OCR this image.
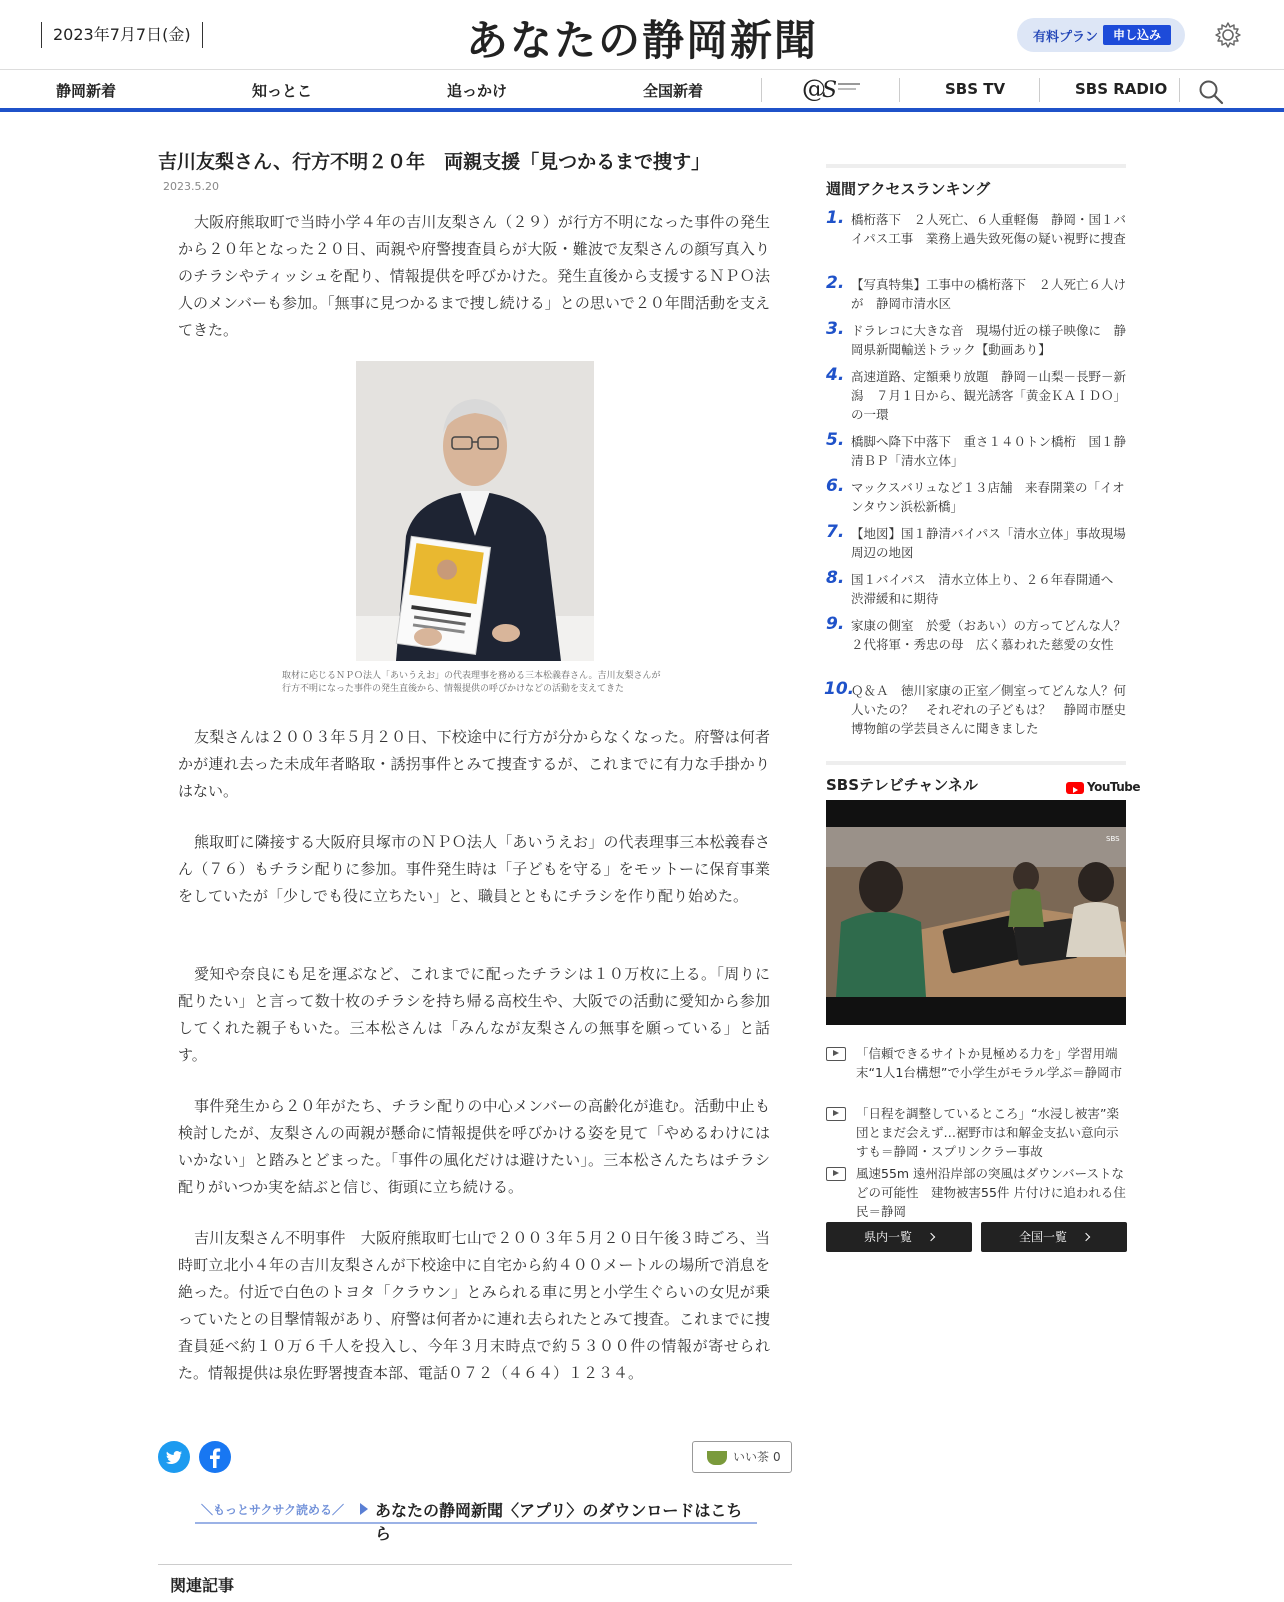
2023年7月7日(金)	あなたの静岡新聞	有料プラン	申し込み
静岡新着	知っとこ	追っかけ	全国新着	@
S	SBS TV	SBS RADIO
吉川友梨さん、行方不明２０年　両親支援「見つかるまで捜す」
2023.5.20

大阪府熊取町で当時小学４年の吉川友梨さん（２９）が行方不明になった事件の発生から２０年となった２０日、両親や府警捜査員らが大阪・難波で友梨さんの顔写真入りのチラシやティッシュを配り、情報提供を呼びかけた。発生直後から支援するＮＰＯ法人のメンバーも参加。「無事に見つかるまで捜し続ける」との思いで２０年間活動を支えてきた。

取材に応じるＮＰＯ法人「あいうえお」の代表理事を務める三本松義春さん。吉川友梨さんが行方不明になった事件の発生直後から、情報提供の呼びかけなどの活動を支えてきた

友梨さんは２００３年５月２０日、下校途中に行方が分からなくなった。府警は何者かが連れ去った未成年者略取・誘拐事件とみて捜査するが、これまでに有力な手掛かりはない。

熊取町に隣接する大阪府貝塚市のＮＰＯ法人「あいうえお」の代表理事三本松義春さん（７６）もチラシ配りに参加。事件発生時は「子どもを守る」をモットーに保育事業をしていたが「少しでも役に立ちたい」と、職員とともにチラシを作り配り始めた。

愛知や奈良にも足を運ぶなど、これまでに配ったチラシは１０万枚に上る。「周りに配りたい」と言って数十枚のチラシを持ち帰る高校生や、大阪での活動に愛知から参加してくれた親子もいた。三本松さんは「みんなが友梨さんの無事を願っている」と話す。

事件発生から２０年がたち、チラシ配りの中心メンバーの高齢化が進む。活動中止も検討したが、友梨さんの両親が懸命に情報提供を呼びかける姿を見て「やめるわけにはいかない」と踏みとどまった。「事件の風化だけは避けたい」。三本松さんたちはチラシ配りがいつか実を結ぶと信じ、街頭に立ち続ける。

吉川友梨さん不明事件　大阪府熊取町七山で２００３年５月２０日午後３時ごろ、当時町立北小４年の吉川友梨さんが下校途中に自宅から約４００メートルの場所で消息を絶った。付近で白色のトヨタ「クラウン」とみられる車に男と小学生ぐらいの女児が乗っていたとの目撃情報があり、府警は何者かに連れ去られたとみて捜査。これまでに捜査員延べ約１０万６千人を投入し、今年３月末時点で約５３００件の情報が寄せられた。情報提供は泉佐野署捜査本部、電話０７２（４６４）１２３４。

いい茶 0
＼もっとサクサク読める／ あなたの静岡新聞〈アプリ〉のダウンロードはこちら
関連記事
週間アクセスランキング
1. 橋桁落下　２人死亡、６人重軽傷　静岡・国１バイパス工事　業務上過失致死傷の疑い視野に捜査
2. 【写真特集】工事中の橋桁落下　２人死亡６人けが　静岡市清水区
3. ドラレコに大きな音　現場付近の様子映像に　静岡県新聞輸送トラック【動画あり】
4. 高速道路、定額乗り放題　静岡－山梨－長野－新潟　７月１日から、観光誘客「黄金ＫＡＩＤＯ」の一環
5. 橋脚へ降下中落下　重さ１４０トン橋桁　国１静清ＢＰ「清水立体」
6. マックスバリュなど１３店舗　来春開業の「イオンタウン浜松新橋」
7. 【地図】国１静清バイパス「清水立体」事故現場周辺の地図
8. 国１バイパス　清水立体上り、２６年春開通へ　渋滞緩和に期待
9. 家康の側室　於愛（おあい）の方ってどんな人？　２代将軍・秀忠の母　広く慕われた慈愛の女性
10.
Ｑ＆Ａ　徳川家康の正室／側室ってどんな人？何人いたの？　それぞれの子どもは？　静岡市歴史博物館の学芸員さんに聞きました
SBSテレビチャンネル	YouTube
SBS
「信頼できるサイトか見極める力を」学習用端末“1人1台構想”で小学生がモラル学ぶ＝静岡市
「日程を調整しているところ」“水浸し被害”楽団とまだ会えず…裾野市は和解金支払い意向示すも＝静岡・スプリンクラー事故
風速55m 遠州沿岸部の突風はダウンバーストなどの可能性　建物被害55件 片付けに追われる住民＝静岡
県内一覧	全国一覧
